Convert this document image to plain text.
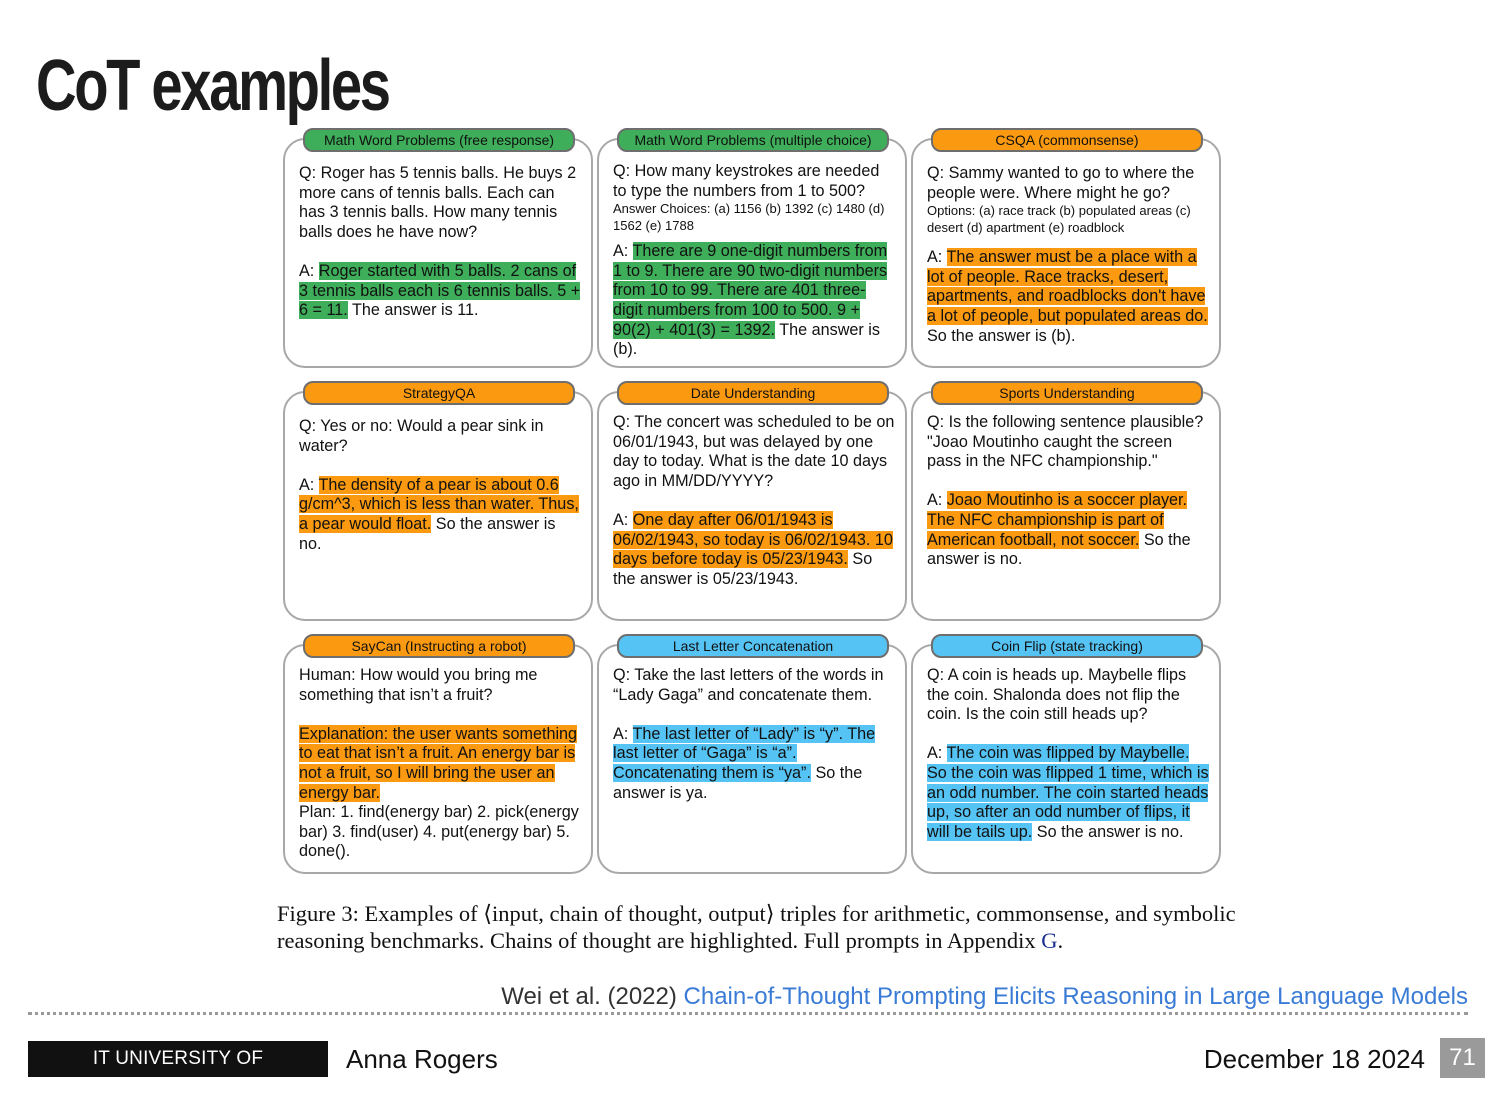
CoT examples
Math Word Problems (free response)

Q: Roger has 5 tennis balls. He buys 2 more cans of tennis balls. Each can has 3 tennis balls. How many tennis balls does he have now?

A: Roger started with 5 balls. 2 cans of 3 tennis balls each is 6 tennis balls. 5 + 6 = 11. The answer is 11.

Math Word Problems (multiple choice)

Q: How many keystrokes are needed to type the numbers from 1 to 500?

Answer Choices: (a) 1156 (b) 1392 (c) 1480 (d) 1562 (e) 1788

A: There are 9 one-digit numbers from 1 to 9. There are 90 two-digit numbers from 10 to 99. There are 401 three-digit numbers from 100 to 500. 9 + 90(2) + 401(3) = 1392. The answer is (b).

CSQA (commonsense)

Q: Sammy wanted to go to where the people were. Where might he go?

Options: (a) race track (b) populated areas (c) desert (d) apartment (e) roadblock

A: The answer must be a place with a lot of people. Race tracks, desert, apartments, and roadblocks don't have a lot of people, but populated areas do. So the answer is (b).

StrategyQA

Q: Yes or no: Would a pear sink in water?

A: The density of a pear is about 0.6 g/cm^3, which is less than water. Thus, a pear would float. So the answer is no.

Date Understanding

Q: The concert was scheduled to be on 06/01/1943, but was delayed by one day to today. What is the date 10 days ago in MM/DD/YYYY?

A: One day after 06/01/1943 is 06/02/1943, so today is 06/02/1943. 10 days before today is 05/23/1943. So the answer is 05/23/1943.

Sports Understanding

Q: Is the following sentence plausible? "Joao Moutinho caught the screen pass in the NFC championship."

A: Joao Moutinho is a soccer player. The NFC championship is part of American football, not soccer. So the answer is no.

SayCan (Instructing a robot)

Human: How would you bring me something that isn’t a fruit?

Explanation: the user wants something to eat that isn’t a fruit. An energy bar is not a fruit, so I will bring the user an energy bar.

Plan: 1. find(energy bar) 2. pick(energy bar) 3. find(user) 4. put(energy bar) 5. done().

Last Letter Concatenation

Q: Take the last letters of the words in “Lady Gaga” and concatenate them.

A: The last letter of “Lady” is “y”. The last letter of “Gaga” is “a”. Concatenating them is “ya”. So the answer is ya.

Coin Flip (state tracking)

Q: A coin is heads up. Maybelle flips the coin. Shalonda does not flip the coin. Is the coin still heads up?

A: The coin was flipped by Maybelle. So the coin was flipped 1 time, which is an odd number. The coin started heads up, so after an odd number of flips, it will be tails up. So the answer is no.

Figure 3: Examples of ⟨input, chain of thought, output⟩ triples for arithmetic, commonsense, and symbolic reasoning benchmarks. Chains of thought are highlighted. Full prompts in Appendix G.
Wei et al. (2022) Chain-of-Thought Prompting Elicits Reasoning in Large Language Models
IT UNIVERSITY OF COPENHAGEN
Anna Rogers	December 18 2024	71
